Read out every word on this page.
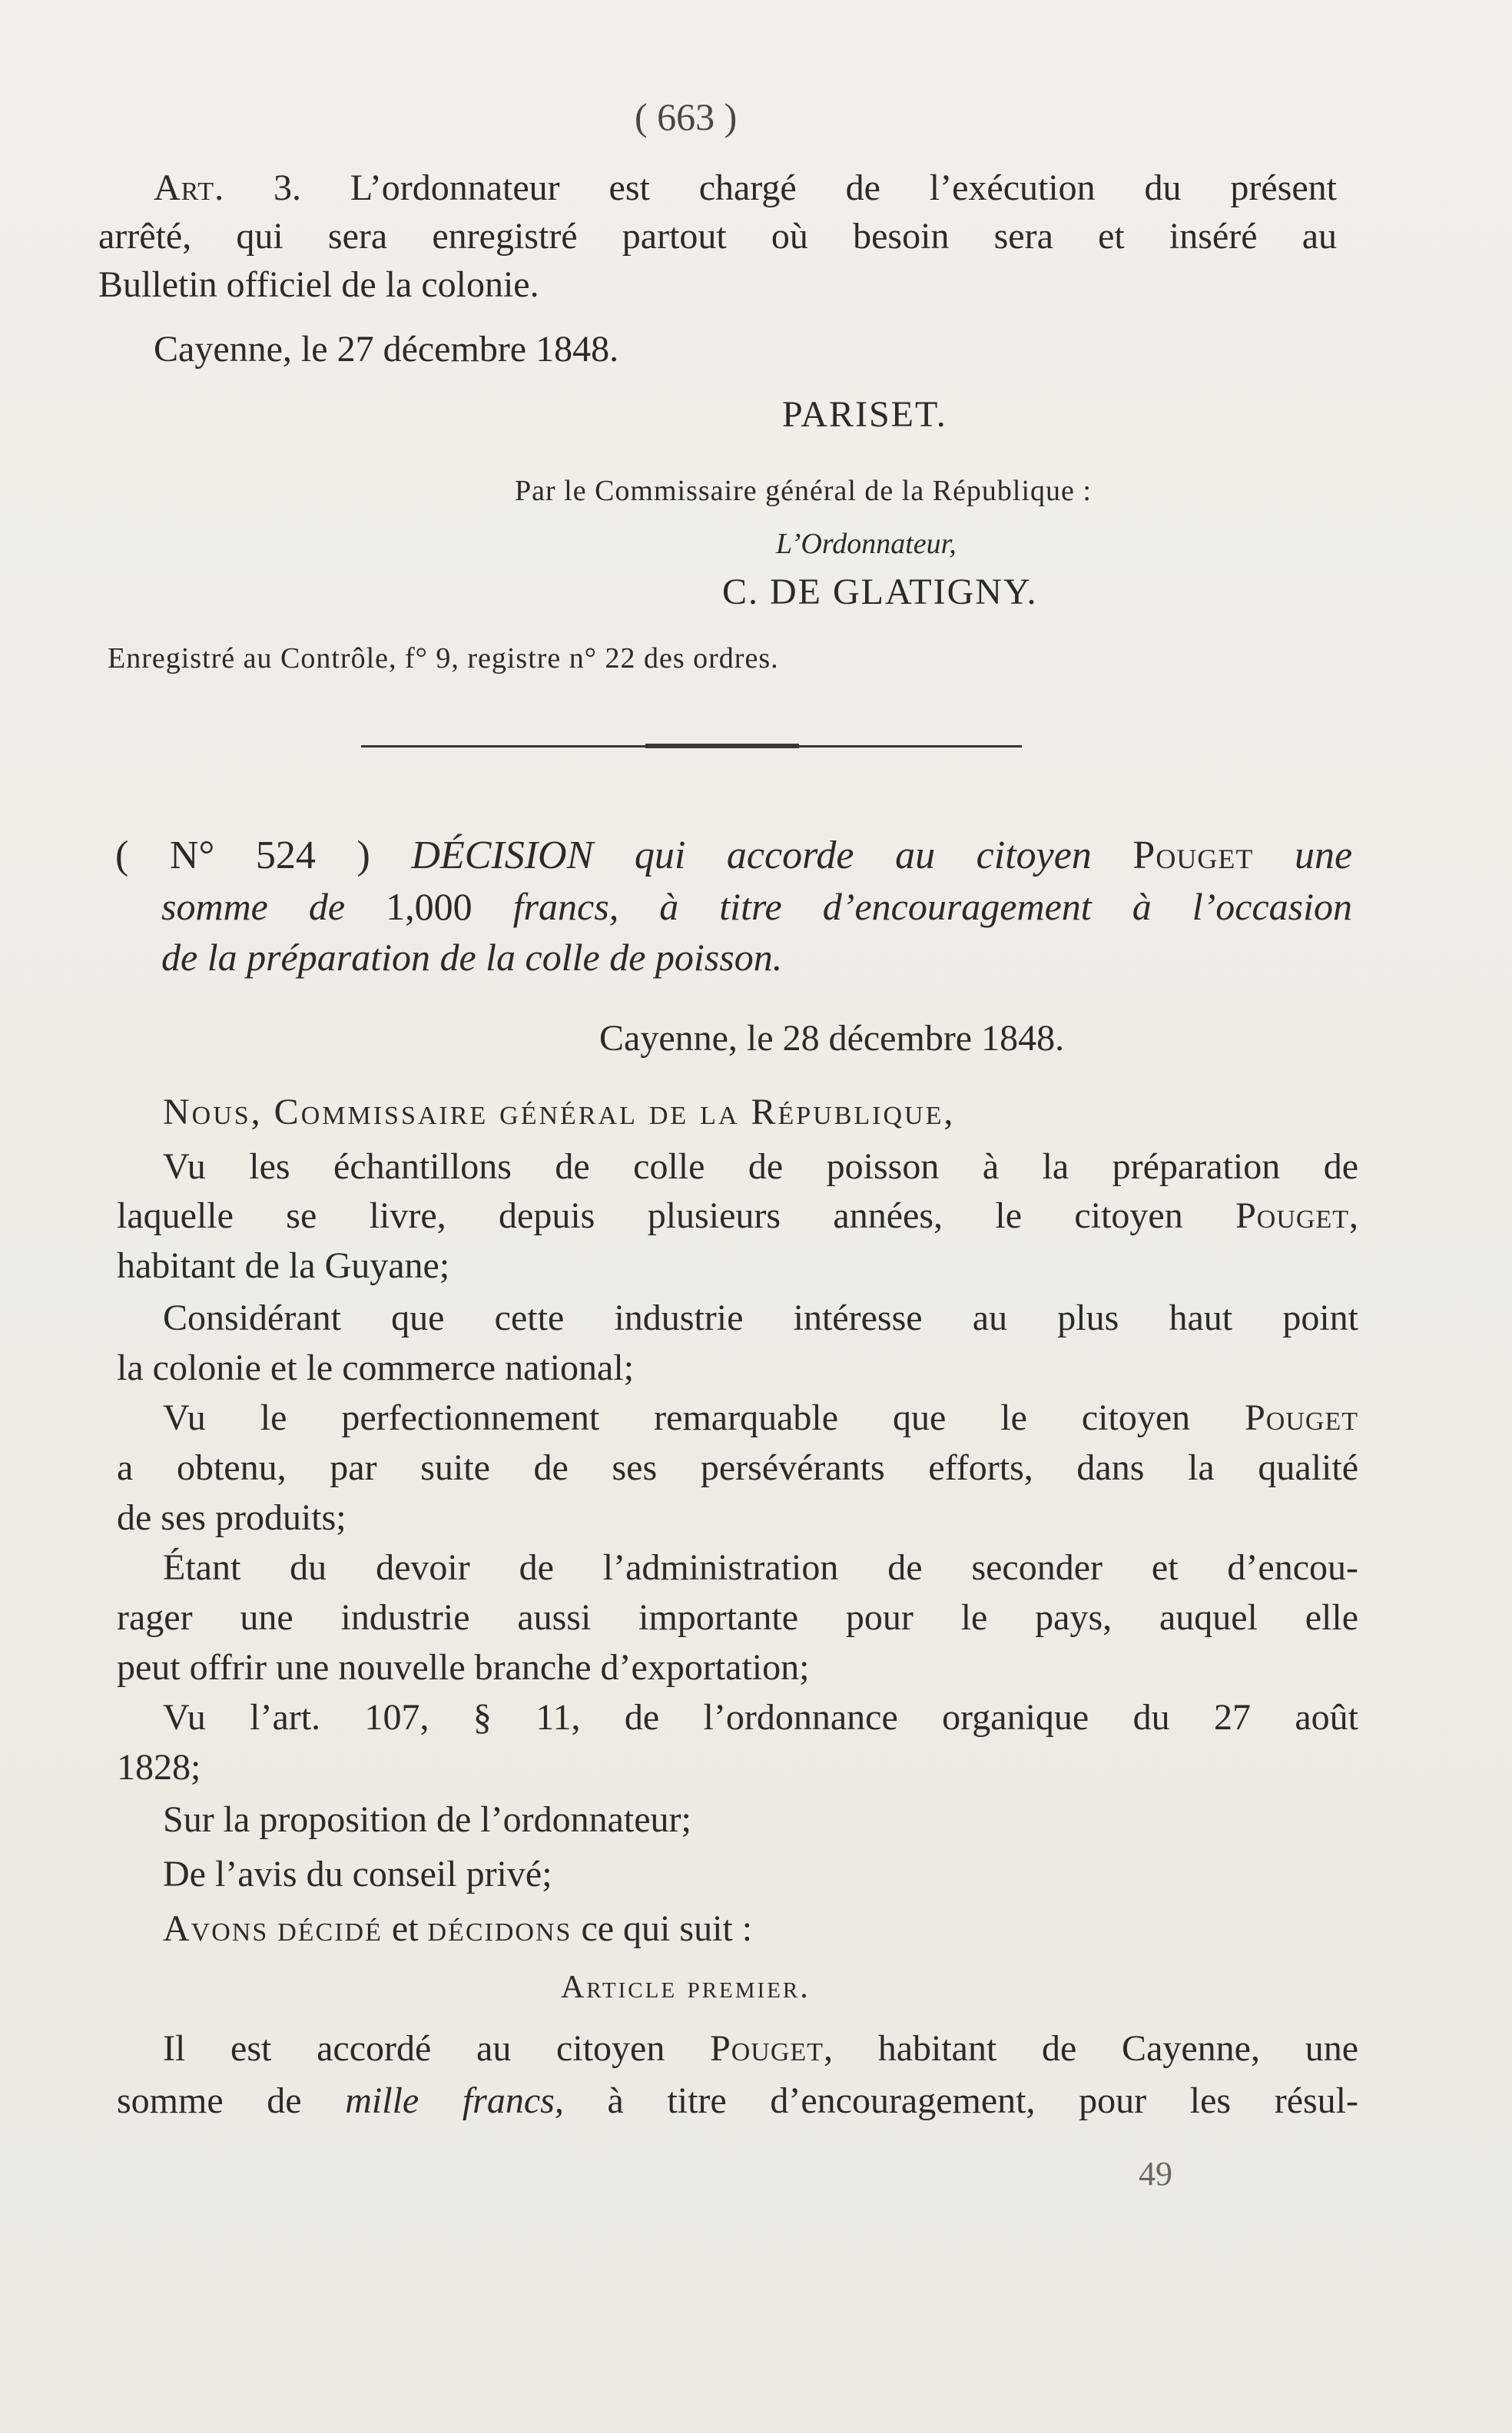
( 663 )
Art. 3. L’ordonnateur est chargé de l’exécution du présent
arrêté, qui sera enregistré partout où besoin sera et inséré au
Bulletin officiel de la colonie.
Cayenne, le 27 décembre 1848.
PARISET.
Par le Commissaire général de la République :
L’Ordonnateur,
C. DE GLATIGNY.
Enregistré au Contrôle, f° 9, registre n° 22 des ordres.
( N° 524 ) DÉCISION qui accorde au citoyen Pouget une
somme de 1,000 francs, à titre d’encouragement à l’occasion
de la préparation de la colle de poisson.
Cayenne, le 28 décembre 1848.
Nous, Commissaire général de la République,
Vu les échantillons de colle de poisson à la préparation de
laquelle se livre, depuis plusieurs années, le citoyen Pouget,
habitant de la Guyane;
Considérant que cette industrie intéresse au plus haut point
la colonie et le commerce national;
Vu le perfectionnement remarquable que le citoyen Pouget
a obtenu, par suite de ses persévérants efforts, dans la qualité
de ses produits;
Étant du devoir de l’administration de seconder et d’encou-
rager une industrie aussi importante pour le pays, auquel elle
peut offrir une nouvelle branche d’exportation;
Vu l’art. 107, § 11, de l’ordonnance organique du 27 août
1828;
Sur la proposition de l’ordonnateur;
De l’avis du conseil privé;
Avons décidé et décidons ce qui suit :
Article premier.
Il est accordé au citoyen Pouget, habitant de Cayenne, une
somme de mille francs, à titre d’encouragement, pour les résul-
49
